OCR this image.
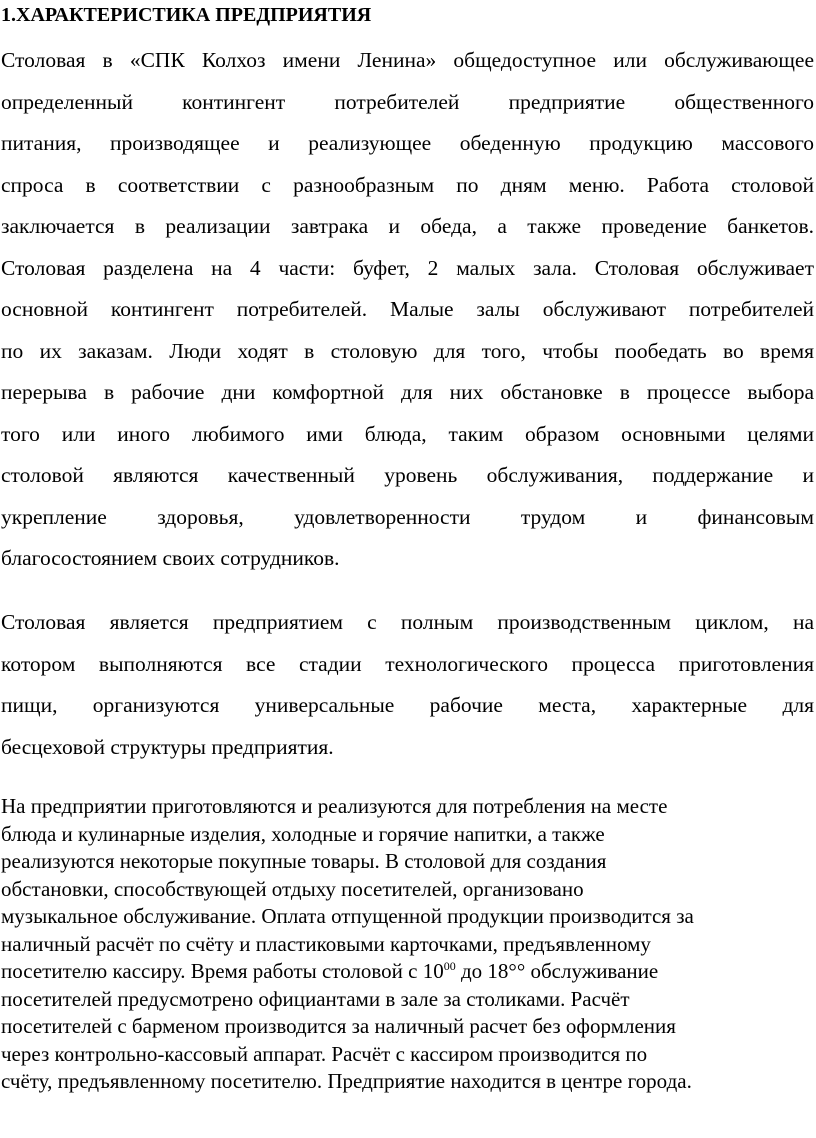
1.ХАРАКТЕРИСТИКА ПРЕДПРИЯТИЯ

Столовая в «СПК Колхоз имени Ленина» общедоступное или обслуживающее
определенный контингент потребителей предприятие общественного
питания, производящее и реализующее обеденную продукцию массового
спроса в соответствии с разнообразным по дням меню. Работа столовой
заключается в реализации завтрака и обеда, а также проведение банкетов.
Столовая разделена на 4 части: буфет, 2 малых зала. Столовая обслуживает
основной контингент потребителей. Малые залы обслуживают потребителей
по их заказам. Люди ходят в столовую для того, чтобы пообедать во время
перерыва в рабочие дни комфортной для них обстановке в процессе выбора
того или иного любимого ими блюда, таким образом основными целями
столовой являются качественный уровень обслуживания, поддержание и
укрепление здоровья, удовлетворенности трудом и финансовым
благосостоянием своих сотрудников.

Столовая является предприятием с полным производственным циклом, на
котором выполняются все стадии технологического процесса приготовления
пищи, организуются универсальные рабочие места, характерные для
бесцеховой структуры предприятия.

На предприятии приготовляются и реализуются для потребления на месте
блюда и кулинарные изделия, холодные и горячие напитки, а также
реализуются некоторые покупные товары. В столовой для создания
обстановки, способствующей отдыху посетителей, организовано
музыкальное обслуживание. Оплата отпущенной продукции производится за
наличный расчёт по счёту и пластиковыми карточками, предъявленному
посетителю кассиру. Время работы столовой с $10^{00}$ до 18°° обслуживание
посетителей предусмотрено официантами в зале за столиками. Расчёт
посетителей с барменом производится за наличный расчет без оформления
через контрольно-кассовый аппарат. Расчёт с кассиром производится по
счёту, предъявленному посетителю. Предприятие находится в центре города.
